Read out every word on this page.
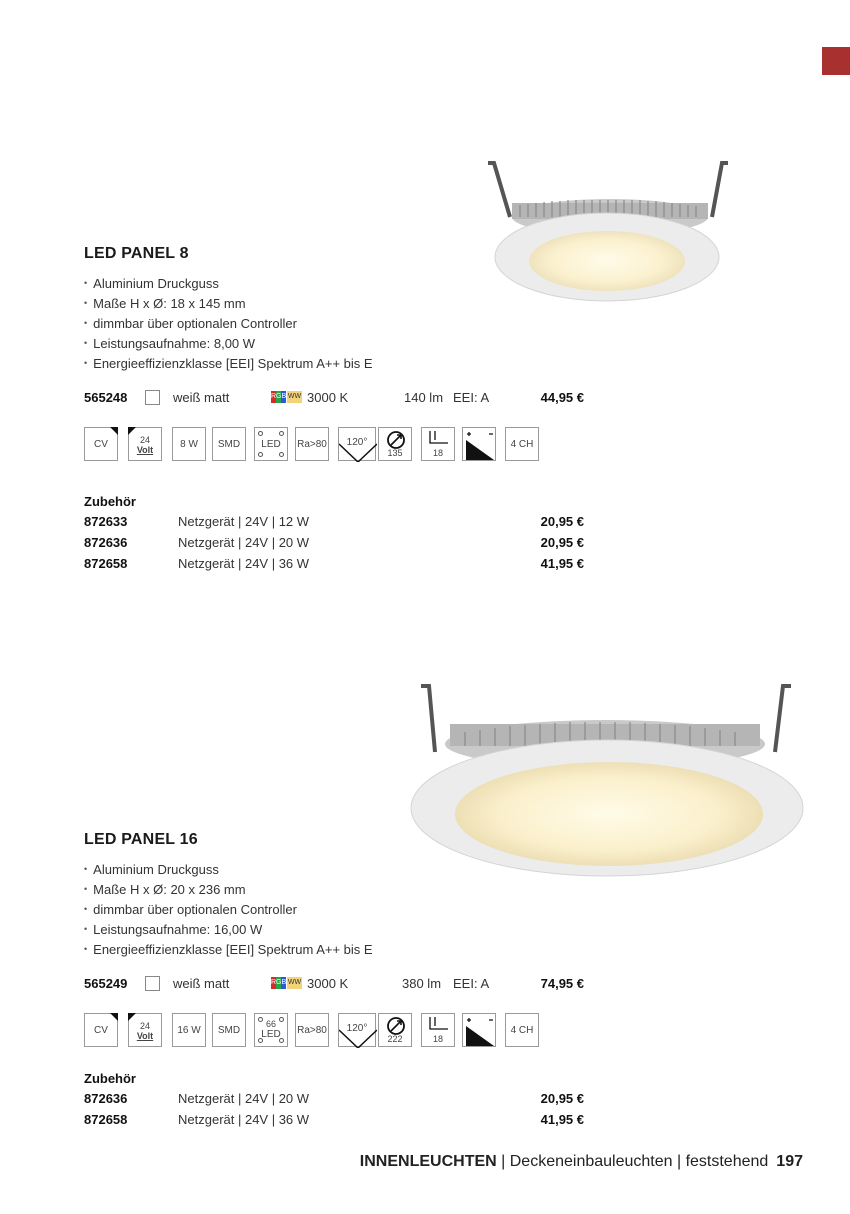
LED PANEL 8
• Aluminium Druckguss
• Maße H x Ø: 18 x 145 mm
• dimmbar über optionalen Controller
• Leistungsaufnahme: 8,00 W
• Energieeffizienzklasse [EEI] Spektrum A++ bis E
565248	weiß matt	RGB WW 3000 K	140 lm EEI: A	44,95 €
CV	24
Volt	8 W	SMD	LED	Ra>80	120°
135	18
4 CH
Zubehör
872633	Netzgerät | 24V | 12 W	20,95 €
872636	Netzgerät | 24V | 20 W	20,95 €
872658	Netzgerät | 24V | 36 W	41,95 €
LED PANEL 16
• Aluminium Druckguss
• Maße H x Ø: 20 x 236 mm
• dimmbar über optionalen Controller
• Leistungsaufnahme: 16,00 W
• Energieeffizienzklasse [EEI] Spektrum A++ bis E
565249	weiß matt	RGB WW 3000 K	380 lm EEI: A	74,95 €
CV	24
Volt	16 W	SMD
66
LED	Ra>80	120°
222	18
4 CH
Zubehör
872636	Netzgerät | 24V | 20 W	20,95 €
872658	Netzgerät | 24V | 36 W	41,95 €
INNENLEUCHTEN | Deckeneinbauleuchten | feststehend 197
